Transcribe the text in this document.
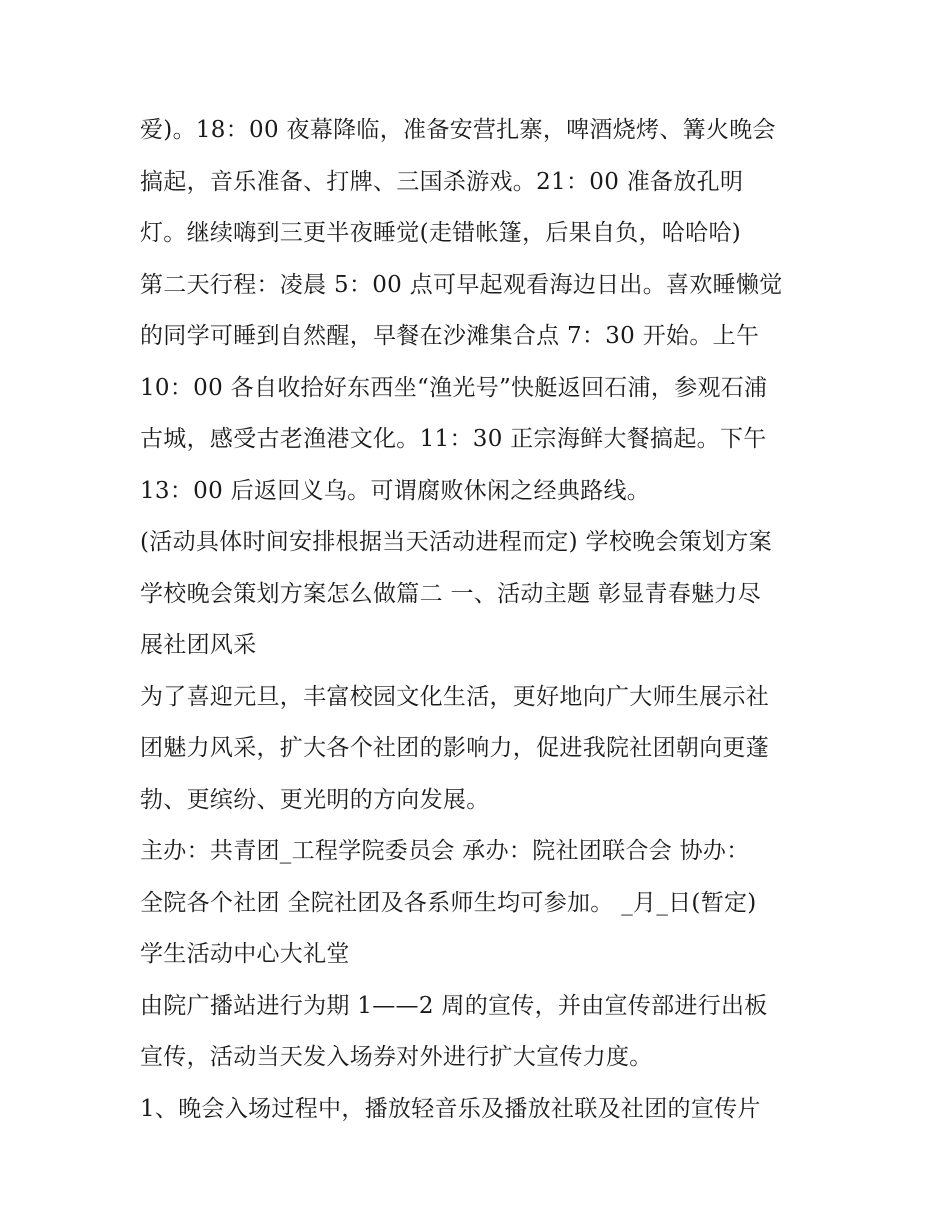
爱)。18：00 夜幕降临，准备安营扎寨，啤酒烧烤、篝火晚会
搞起，音乐准备、打牌、三国杀游戏。21：00 准备放孔明
灯。继续嗨到三更半夜睡觉(走错帐篷，后果自负，哈哈哈)
第二天行程：凌晨 5：00 点可早起观看海边日出。喜欢睡懒觉
的同学可睡到自然醒，早餐在沙滩集合点 7：30 开始。上午
10：00 各自收拾好东西坐“渔光号”快艇返回石浦，参观石浦
古城，感受古老渔港文化。11：30 正宗海鲜大餐搞起。下午
13：00 后返回义乌。可谓腐败休闲之经典路线。
(活动具体时间安排根据当天活动进程而定) 学校晚会策划方案
学校晚会策划方案怎么做篇二 一、活动主题 彰显青春魅力尽
展社团风采
为了喜迎元旦，丰富校园文化生活，更好地向广大师生展示社
团魅力风采，扩大各个社团的影响力，促进我院社团朝向更蓬
勃、更缤纷、更光明的方向发展。
主办：共青团_工程学院委员会 承办：院社团联合会 协办：
全院各个社团 全院社团及各系师生均可参加。 _月_日(暂定)
学生活动中心大礼堂
由院广播站进行为期 1——2 周的宣传，并由宣传部进行出板
宣传，活动当天发入场券对外进行扩大宣传力度。
1、晚会入场过程中，播放轻音乐及播放社联及社团的宣传片
